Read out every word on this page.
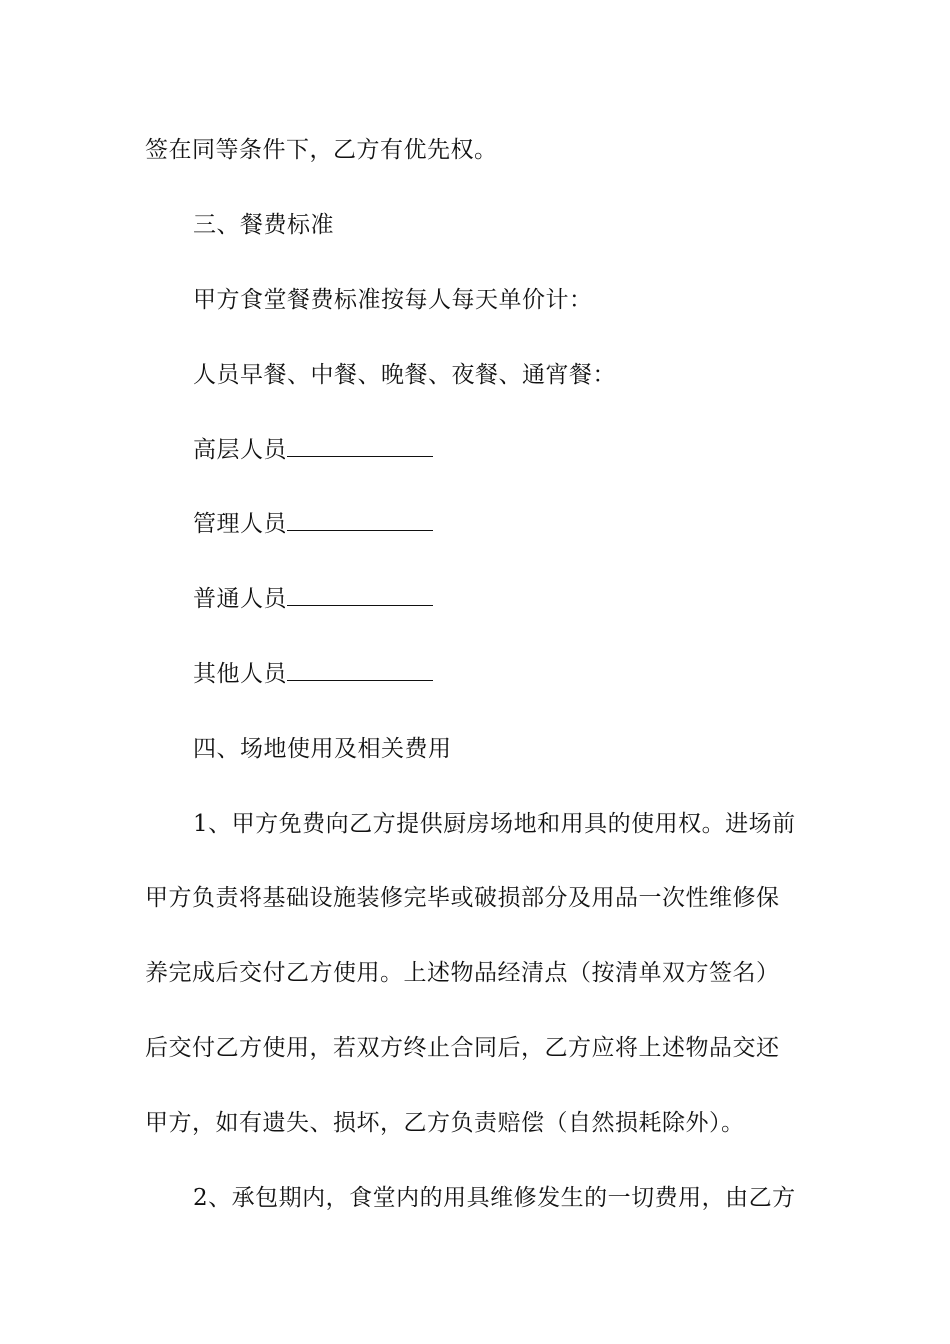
签在同等条件下，乙方有优先权。
三、餐费标准
甲方食堂餐费标准按每人每天单价计：
人员早餐、中餐、晚餐、夜餐、通宵餐：
高层人员
管理人员
普通人员
其他人员
四、场地使用及相关费用
1、甲方免费向乙方提供厨房场地和用具的使用权。进场前
甲方负责将基础设施装修完毕或破损部分及用品一次性维修保
养完成后交付乙方使用。上述物品经清点（按清单双方签名）
后交付乙方使用，若双方终止合同后，乙方应将上述物品交还
甲方，如有遗失、损坏，乙方负责赔偿（自然损耗除外）。
2、承包期内，食堂内的用具维修发生的一切费用，由乙方
